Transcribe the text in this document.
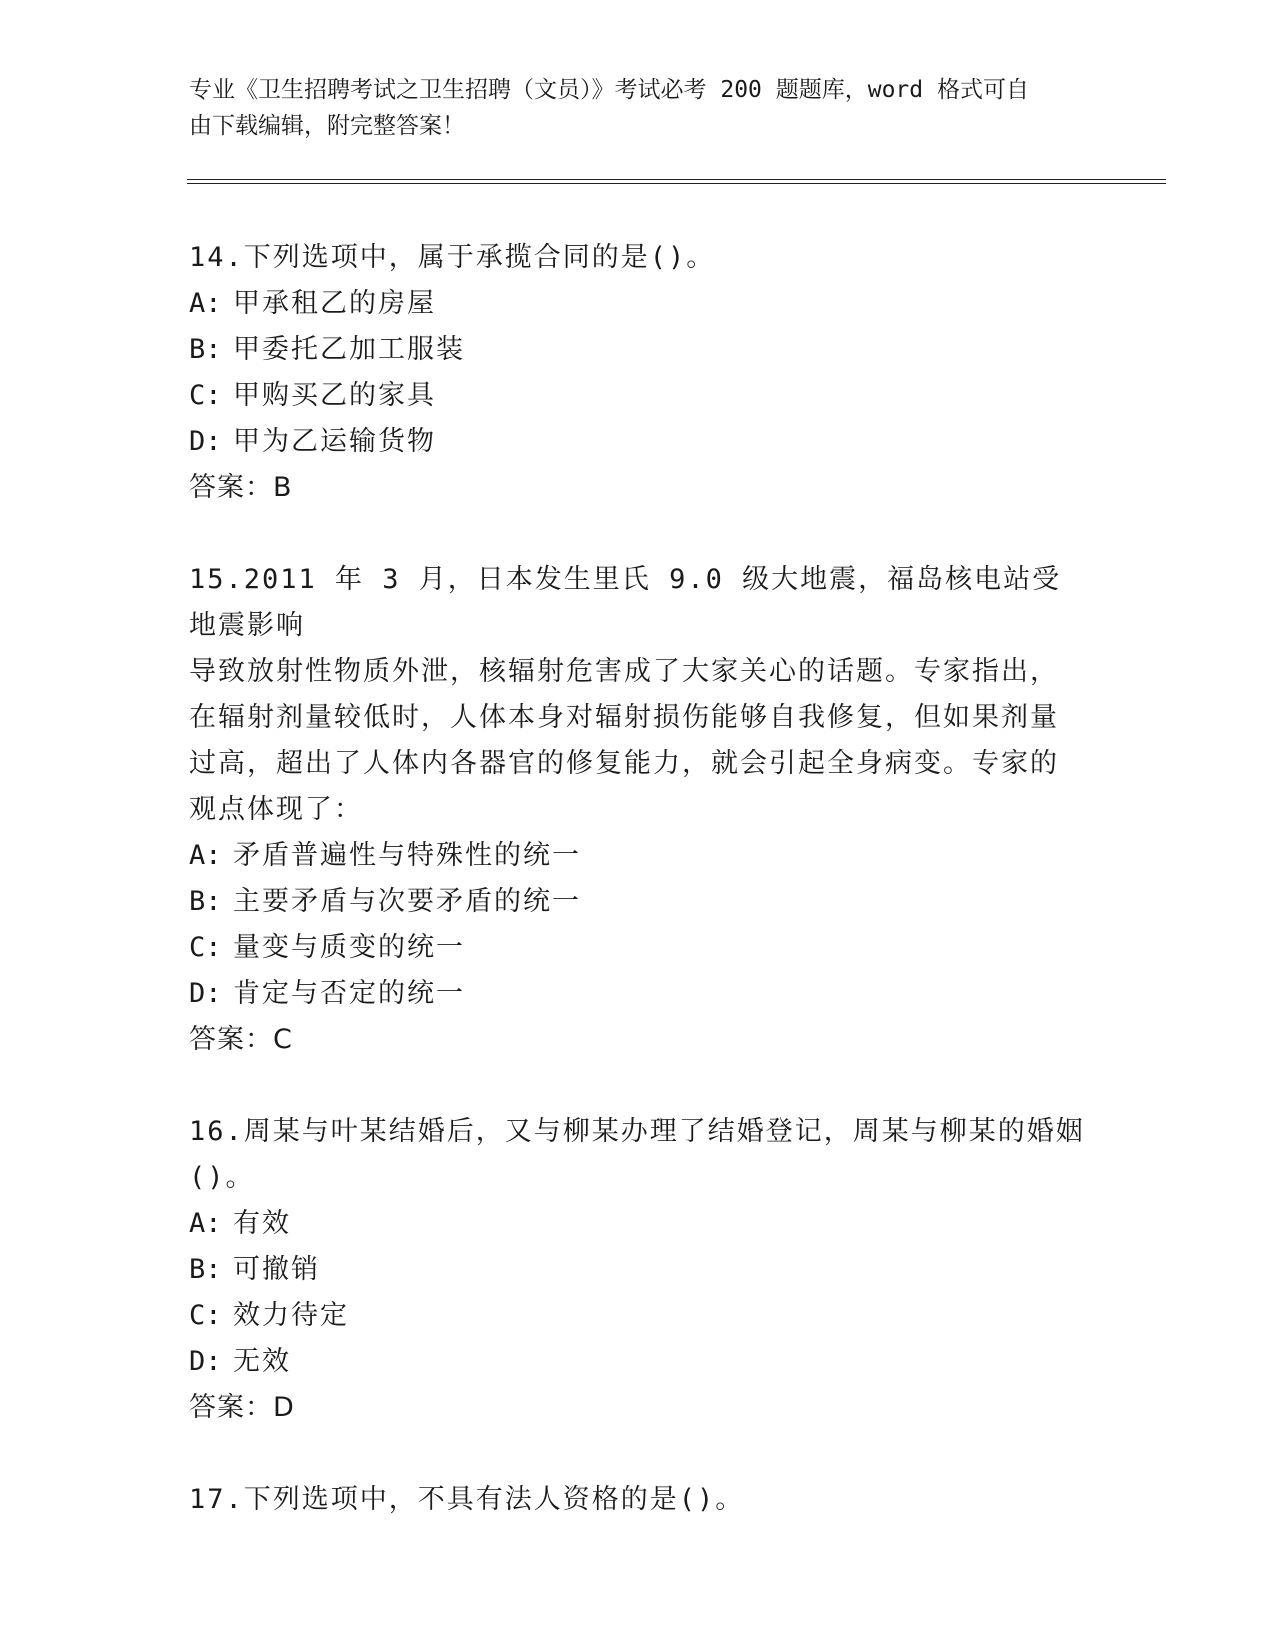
专业《卫生招聘考试之卫生招聘（文员）》考试必考 200 题题库，word 格式可自
由下载编辑，附完整答案！
14.下列选项中，属于承揽合同的是()。
A: 甲承租乙的房屋
B: 甲委托乙加工服装
C: 甲购买乙的家具
D: 甲为乙运输货物
答案：B
15.2011 年 3 月，日本发生里氏 9.0 级大地震，福岛核电站受地震影响
导致放射性物质外泄，核辐射危害成了大家关心的话题。专家指出，
在辐射剂量较低时，人体本身对辐射损伤能够自我修复，但如果剂量
过高，超出了人体内各器官的修复能力，就会引起全身病变。专家的
观点体现了：
A: 矛盾普遍性与特殊性的统一
B: 主要矛盾与次要矛盾的统一
C: 量变与质变的统一
D: 肯定与否定的统一
答案：C
16.周某与叶某结婚后，又与柳某办理了结婚登记，周某与柳某的婚姻
()。
A: 有效
B: 可撤销
C: 效力待定
D: 无效
答案：D
17.下列选项中，不具有法人资格的是()。
